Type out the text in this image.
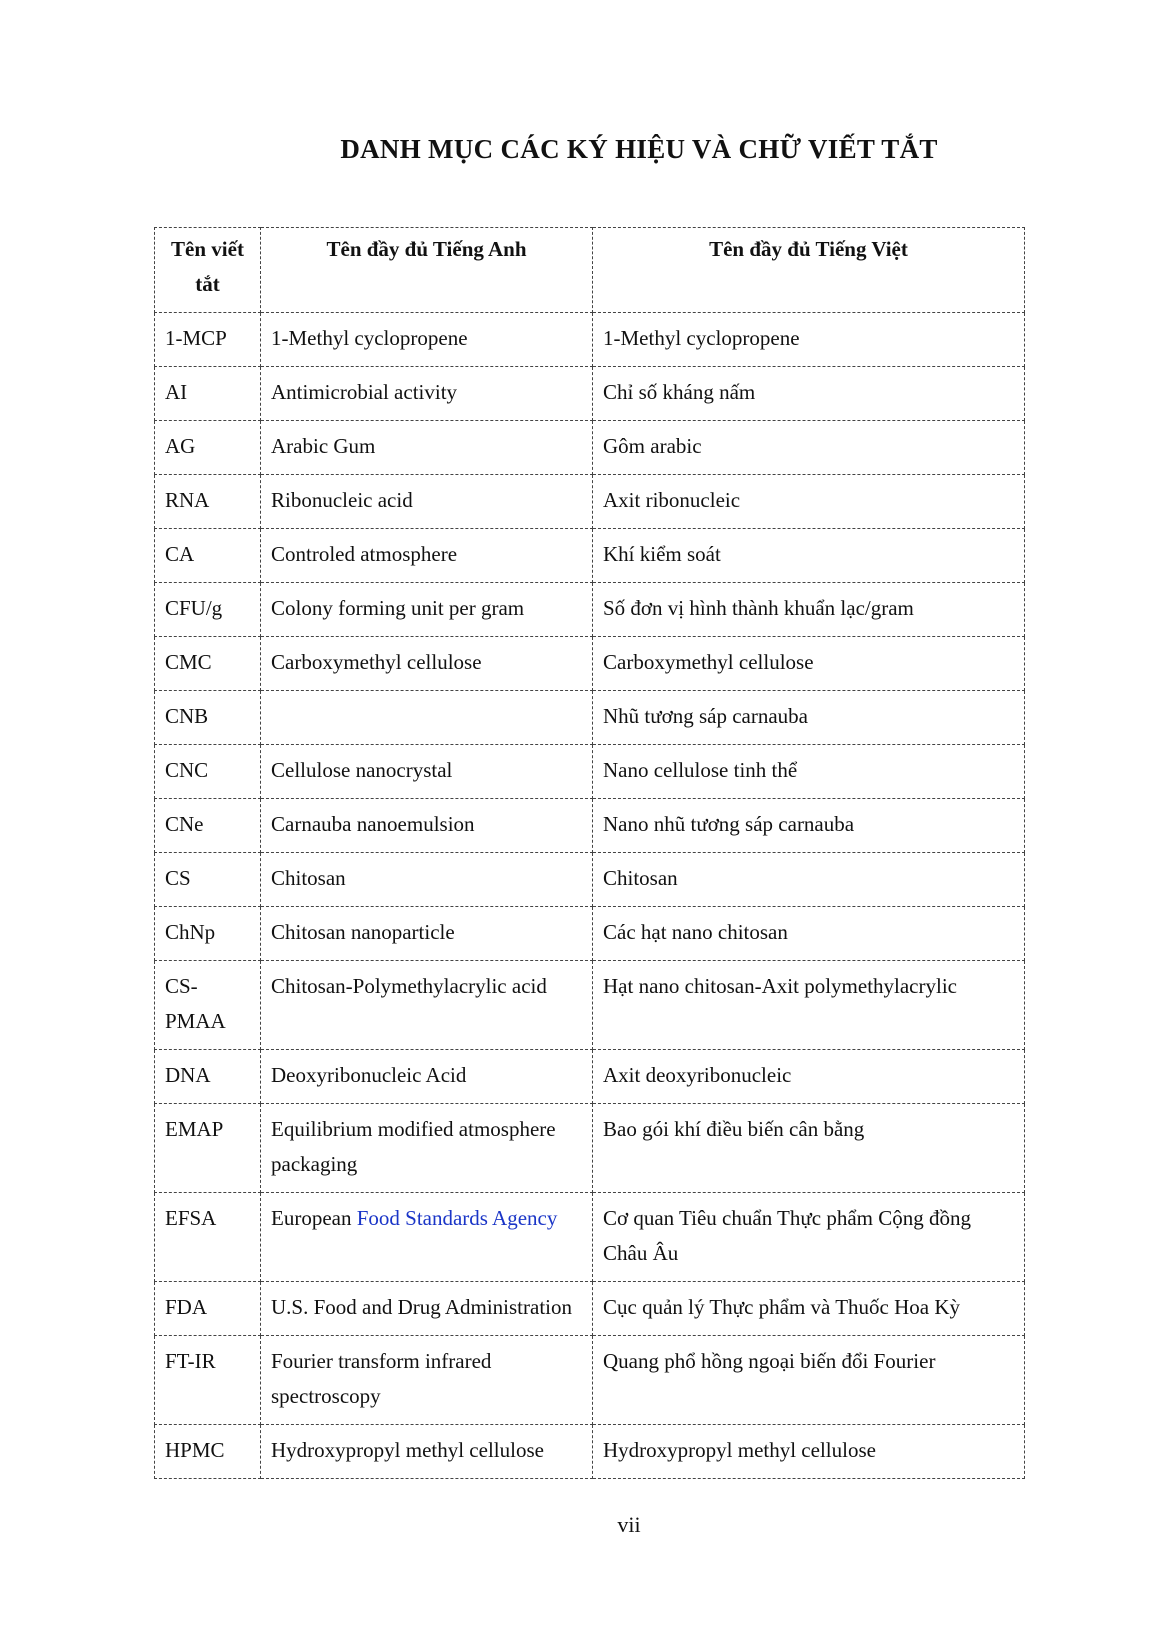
DANH MỤC CÁC KÝ HIỆU VÀ CHỮ VIẾT TẮT
Tên viết tắt	Tên đầy đủ Tiếng Anh	Tên đầy đủ Tiếng Việt
1-MCP	1-Methyl cyclopropene	1-Methyl cyclopropene
AI	Antimicrobial activity	Chỉ số kháng nấm
AG	Arabic Gum	Gôm arabic
RNA	Ribonucleic acid	Axit ribonucleic
CA	Controled atmosphere	Khí kiểm soát
CFU/g	Colony forming unit per gram	Số đơn vị hình thành khuẩn lạc/gram
CMC	Carboxymethyl cellulose	Carboxymethyl cellulose
CNB		Nhũ tương sáp carnauba
CNC	Cellulose nanocrystal	Nano cellulose tinh thể
CNe	Carnauba nanoemulsion	Nano nhũ tương sáp carnauba
CS	Chitosan	Chitosan
ChNp	Chitosan nanoparticle	Các hạt nano chitosan
CS-PMAA	Chitosan-Polymethylacrylic acid	Hạt nano chitosan-Axit polymethylacrylic
DNA	Deoxyribonucleic Acid	Axit deoxyribonucleic
EMAP	Equilibrium modified atmosphere packaging	Bao gói khí điều biến cân bằng
EFSA	European Food Standards Agency	Cơ quan Tiêu chuẩn Thực phẩm Cộng đồng Châu Âu
FDA	U.S. Food and Drug Administration	Cục quản lý Thực phẩm và Thuốc Hoa Kỳ
FT-IR	Fourier transform infrared spectroscopy	Quang phổ hồng ngoại biến đổi Fourier
HPMC	Hydroxypropyl methyl cellulose	Hydroxypropyl methyl cellulose
vii
